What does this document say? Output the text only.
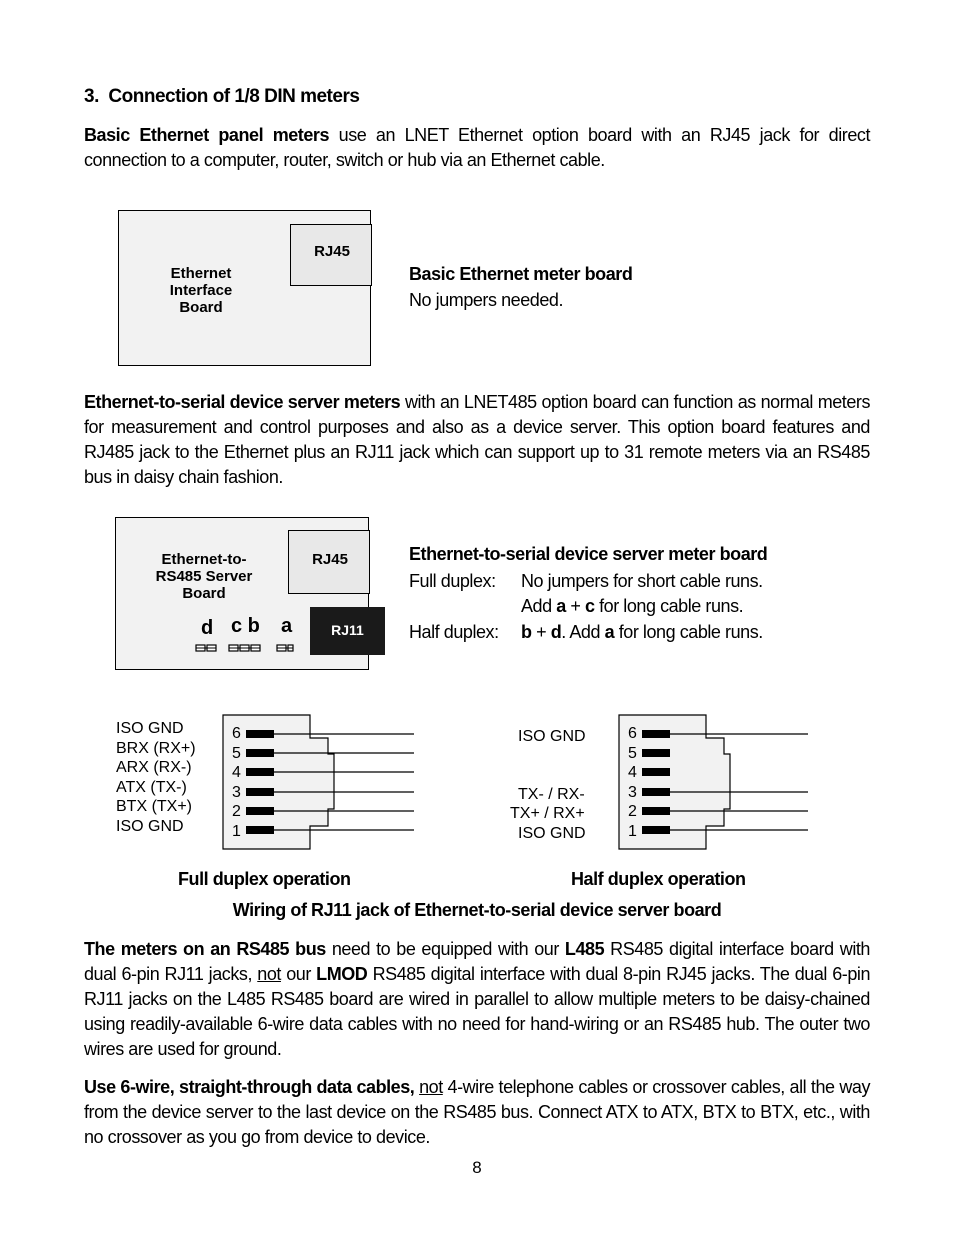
3. Connection of 1/8 DIN meters
Basic Ethernet panel meters use an LNET Ethernet option board with an RJ45 jack for direct connection to a computer, router, switch or hub via an Ethernet cable.
Ethernet
Interface
Board
RJ45
Basic Ethernet meter board
No jumpers needed.
Ethernet-to-serial device server meters with an LNET485 option board can function as normal meters for measurement and control purposes and also as a device server. This option board features and RJ485 jack to the Ethernet plus an RJ11 jack which can support up to 31 remote meters via an RS485 bus in daisy chain fashion.
Ethernet-to-
RS485 Server
Board
RJ45
d c b a	RJ11
Ethernet-to-serial device server meter board
Full duplex: No jumpers for short cable runs.
Add a + c for long cable runs.
Half duplex: b + d. Add a for long cable runs.
ISO GND
BRX (RX+)
ARX (RX-)
ATX (TX-)
BTX (TX+)
ISO GND
6
5
4
3
2
1
Full duplex operation
ISO GND
TX- / RX-
TX+ / RX+
ISO GND
6
5
4
3
2
1
Half duplex operation
Wiring of RJ11 jack of Ethernet-to-serial device server board
The meters on an RS485 bus need to be equipped with our L485 RS485 digital interface board with dual 6-pin RJ11 jacks, not our LMOD RS485 digital interface with dual 8-pin RJ45 jacks. The dual 6-pin RJ11 jacks on the L485 RS485 board are wired in parallel to allow multiple meters to be daisy-chained using readily-available 6-wire data cables with no need for hand-wiring or an RS485 hub. The outer two wires are used for ground.
Use 6-wire, straight-through data cables, not 4-wire telephone cables or crossover cables, all the way from the device server to the last device on the RS485 bus. Connect ATX to ATX, BTX to BTX, etc., with no crossover as you go from device to device.
8
